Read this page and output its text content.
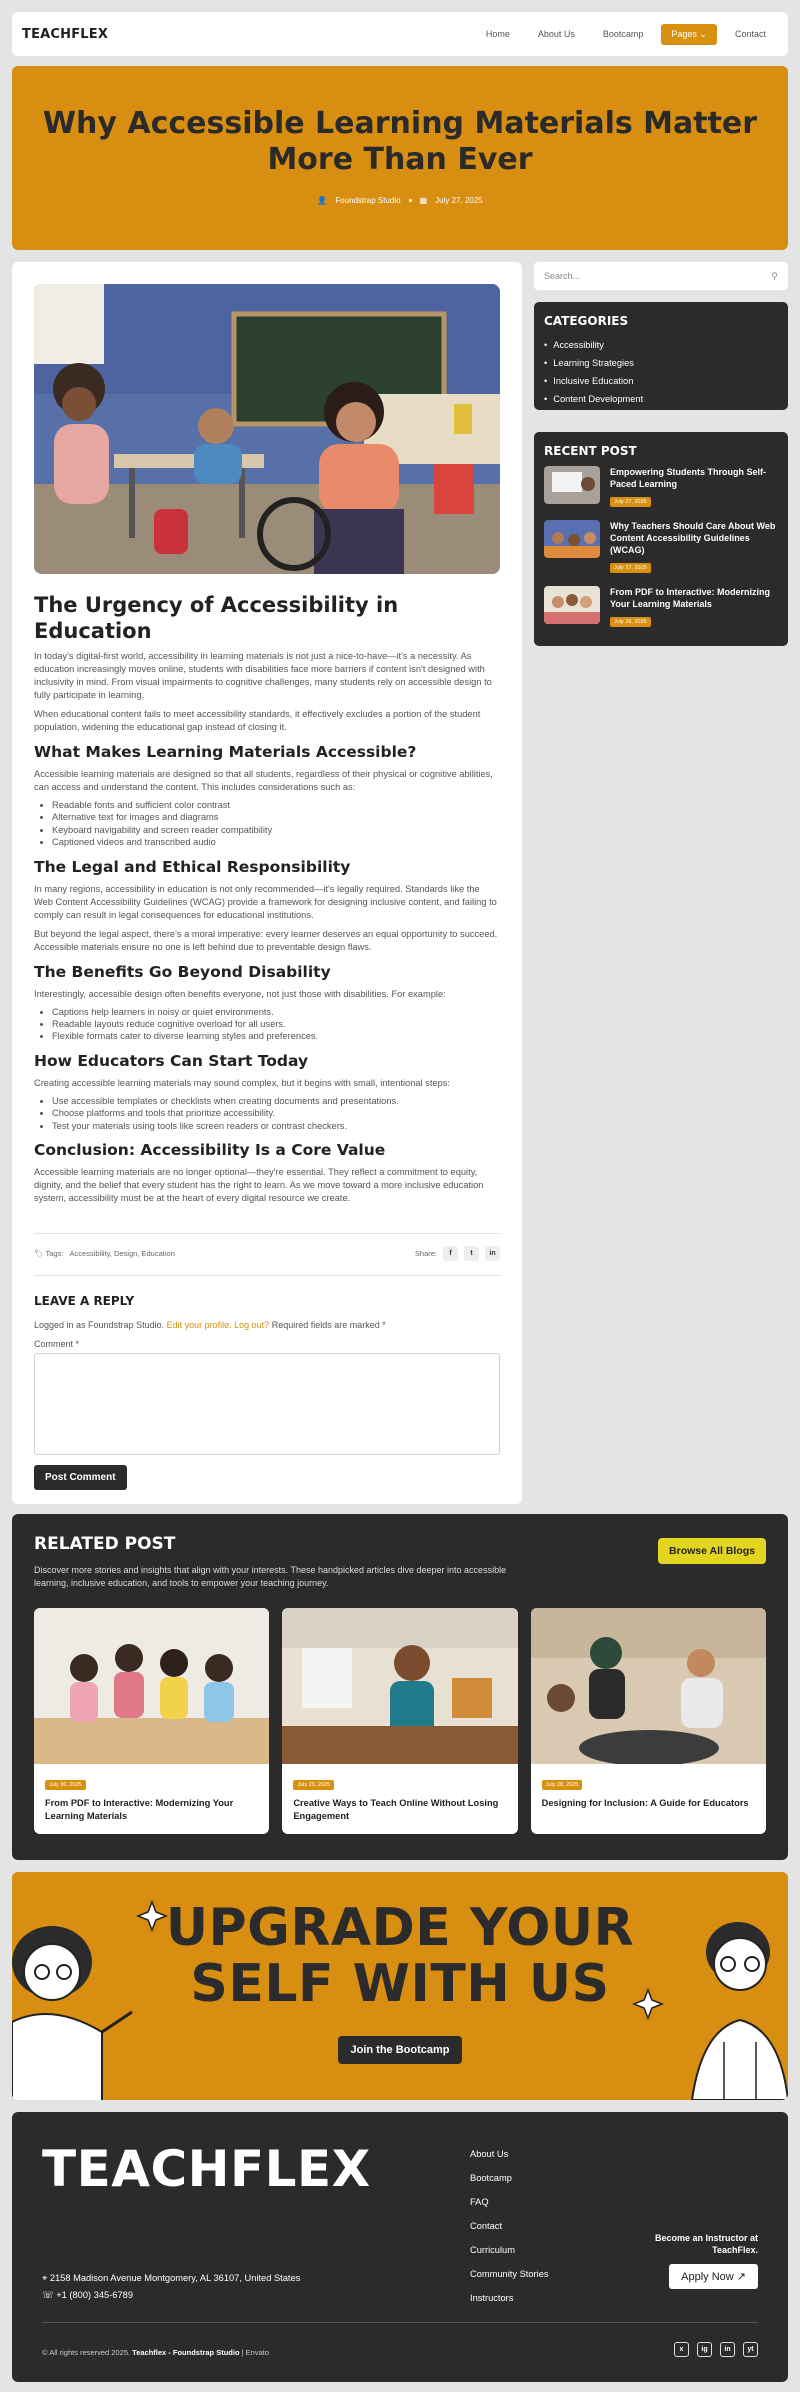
TEACHFLEX	Home	About Us	Bootcamp	Pages ⌄	Contact
Why Accessible Learning Materials Matter More Than Ever
👤 Foundstrap Studio ▦ July 27, 2025
The Urgency of Accessibility in Education

In today's digital-first world, accessibility in learning materials is not just a nice-to-have—it's a necessity. As education increasingly moves online, students with disabilities face more barriers if content isn't designed with inclusivity in mind. From visual impairments to cognitive challenges, many students rely on accessible design to fully participate in learning.

When educational content fails to meet accessibility standards, it effectively excludes a portion of the student population, widening the educational gap instead of closing it.

What Makes Learning Materials Accessible?

Accessible learning materials are designed so that all students, regardless of their physical or cognitive abilities, can access and understand the content. This includes considerations such as:

• Readable fonts and sufficient color contrast
• Alternative text for images and diagrams
• Keyboard navigability and screen reader compatibility
• Captioned videos and transcribed audio
The Legal and Ethical Responsibility

In many regions, accessibility in education is not only recommended—it's legally required. Standards like the Web Content Accessibility Guidelines (WCAG) provide a framework for designing inclusive content, and failing to comply can result in legal consequences for educational institutions.

But beyond the legal aspect, there's a moral imperative: every learner deserves an equal opportunity to succeed. Accessible materials ensure no one is left behind due to preventable design flaws.

The Benefits Go Beyond Disability

Interestingly, accessible design often benefits everyone, not just those with disabilities. For example:

• Captions help learners in noisy or quiet environments.
• Readable layouts reduce cognitive overload for all users.
• Flexible formats cater to diverse learning styles and preferences.
How Educators Can Start Today

Creating accessible learning materials may sound complex, but it begins with small, intentional steps:

• Use accessible templates or checklists when creating documents and presentations.
• Choose platforms and tools that prioritize accessibility.
• Test your materials using tools like screen readers or contrast checkers.
Conclusion: Accessibility Is a Core Value

Accessible learning materials are no longer optional—they're essential. They reflect a commitment to equity, dignity, and the belief that every student has the right to learn. As we move toward a more inclusive education system, accessibility must be at the heart of every digital resource we create.

🏷 Tags: Accessibility, Design, Education	Share:	f	t	in
LEAVE A REPLY
Logged in as Foundstrap Studio. Edit your profile. Log out? Required fields are marked *
Comment *
Post Comment
Search...	⚲
CATEGORIES
• Accessibility
• Learning Strategies
• Inclusive Education
• Content Development
RECENT POST
Empowering Students Through Self-Paced Learning
July 27, 2025
Why Teachers Should Care About Web Content Accessibility Guidelines (WCAG)
July 27, 2025
From PDF to Interactive: Modernizing Your Learning Materials
July 26, 2025
RELATED POST
Discover more stories and insights that align with your interests. These handpicked articles dive deeper into accessible learning, inclusive education, and tools to empower your teaching journey.
Browse All Blogs
July 30, 2025
From PDF to Interactive: Modernizing Your Learning Materials
July 29, 2025
Creative Ways to Teach Online Without Losing Engagement
July 28, 2025
Designing for Inclusion: A Guide for Educators
UPGRADE YOUR
SELF WITH US
Join the Bootcamp
TEACHFLEX	About Us
Bootcamp
FAQ
Contact
Curriculum
Community Stories
Instructors
⌖ 2158 Madison Avenue Montgomery, AL 36107, United States
☏ +1 (800) 345-6789
Become an Instructor at
TeachFlex.
Apply Now ↗
© All rights reserved 2025. Teachflex - Foundstrap Studio | Envato	x	ig	in	yt
